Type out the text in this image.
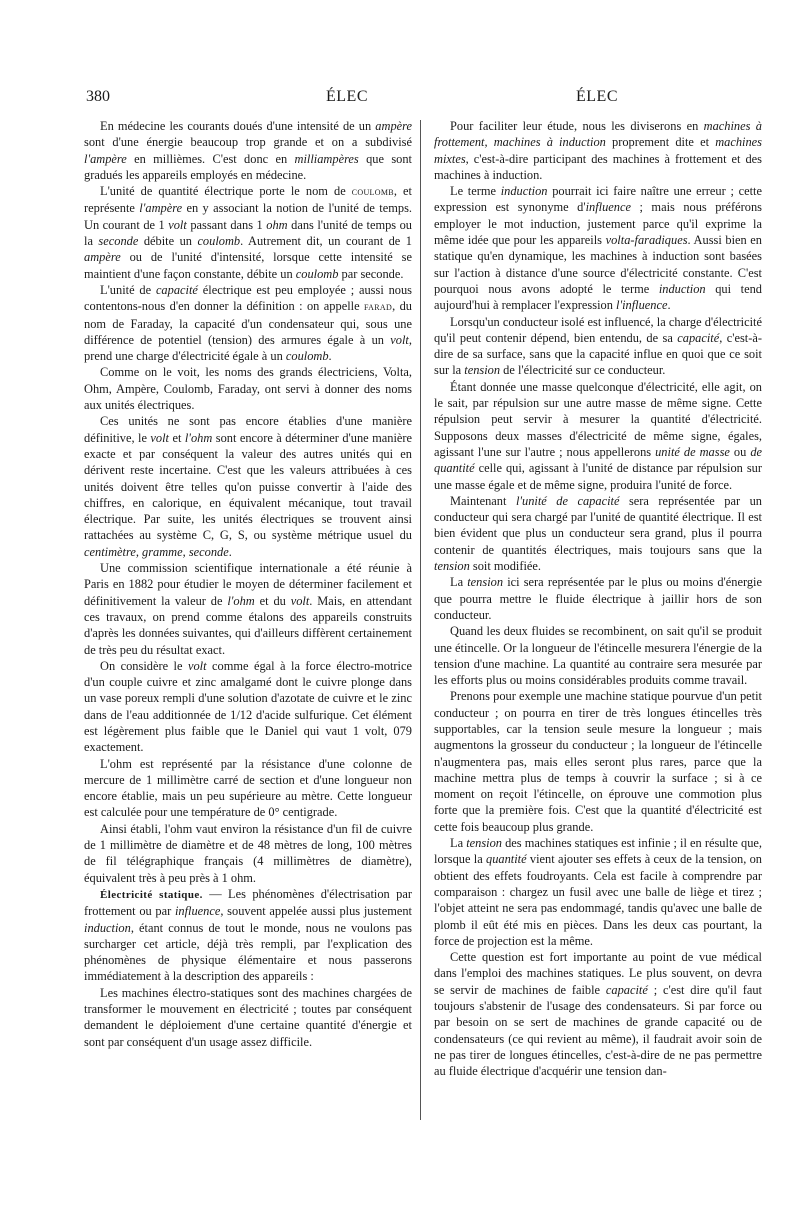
380	ÉLEC	ÉLEC

En médecine les courants doués d'une intensité de un ampère sont d'une énergie beaucoup trop grande et on a subdivisé l'ampère en millièmes. C'est donc en milliampères que sont gradués les appareils employés en médecine.

L'unité de quantité électrique porte le nom de coulomb, et représente l'ampère en y associant la notion de l'unité de temps. Un courant de 1 volt passant dans 1 ohm dans l'unité de temps ou la seconde débite un coulomb. Autrement dit, un courant de 1 ampère ou de l'unité d'intensité, lorsque cette intensité se maintient d'une façon constante, débite un coulomb par seconde.

L'unité de capacité électrique est peu employée ; aussi nous contentons-nous d'en donner la définition : on appelle farad, du nom de Faraday, la capacité d'un condensateur qui, sous une différence de potentiel (tension) des armures égale à un volt, prend une charge d'électricité égale à un coulomb.

Comme on le voit, les noms des grands électriciens, Volta, Ohm, Ampère, Coulomb, Faraday, ont servi à donner des noms aux unités électriques.

Ces unités ne sont pas encore établies d'une manière définitive, le volt et l'ohm sont encore à déterminer d'une manière exacte et par conséquent la valeur des autres unités qui en dérivent reste incertaine. C'est que les valeurs attribuées à ces unités doivent être telles qu'on puisse convertir à l'aide des chiffres, en calorique, en équivalent mécanique, tout travail électrique. Par suite, les unités électriques se trouvent ainsi rattachées au système C, G, S, ou système métrique usuel du centimètre, gramme, seconde.

Une commission scientifique internationale a été réunie à Paris en 1882 pour étudier le moyen de déterminer facilement et définitivement la valeur de l'ohm et du volt. Mais, en attendant ces travaux, on prend comme étalons des appareils construits d'après les données suivantes, qui d'ailleurs diffèrent certainement de très peu du résultat exact.

On considère le volt comme égal à la force électro-motrice d'un couple cuivre et zinc amalgamé dont le cuivre plonge dans un vase poreux rempli d'une solution d'azotate de cuivre et le zinc dans de l'eau additionnée de 1/12 d'acide sulfurique. Cet élément est légèrement plus faible que le Daniel qui vaut 1 volt, 079 exactement.

L'ohm est représenté par la résistance d'une colonne de mercure de 1 millimètre carré de section et d'une longueur non encore établie, mais un peu supérieure au mètre. Cette longueur est calculée pour une température de 0° centigrade.

Ainsi établi, l'ohm vaut environ la résistance d'un fil de cuivre de 1 millimètre de diamètre et de 48 mètres de long, 100 mètres de fil télégraphique français (4 millimètres de diamètre), équivalent très à peu près à 1 ohm.

Électricité statique. — Les phénomènes d'électrisation par frottement ou par influence, souvent appelée aussi plus justement induction, étant connus de tout le monde, nous ne voulons pas surcharger cet article, déjà très rempli, par l'explication des phénomènes de physique élémentaire et nous passerons immédiatement à la description des appareils :

Les machines électro-statiques sont des machines chargées de transformer le mouvement en électricité ; toutes par conséquent demandent le déploiement d'une certaine quantité d'énergie et sont par conséquent d'un usage assez difficile.

Pour faciliter leur étude, nous les diviserons en machines à frottement, machines à induction proprement dite et machines mixtes, c'est-à-dire participant des machines à frottement et des machines à induction.

Le terme induction pourrait ici faire naître une erreur ; cette expression est synonyme d'influence ; mais nous préférons employer le mot induction, justement parce qu'il exprime la même idée que pour les appareils volta-faradiques. Aussi bien en statique qu'en dynamique, les machines à induction sont basées sur l'action à distance d'une source d'électricité constante. C'est pourquoi nous avons adopté le terme induction qui tend aujourd'hui à remplacer l'expression l'influence.

Lorsqu'un conducteur isolé est influencé, la charge d'électricité qu'il peut contenir dépend, bien entendu, de sa capacité, c'est-à-dire de sa surface, sans que la capacité influe en quoi que ce soit sur la tension de l'électricité sur ce conducteur.

Étant donnée une masse quelconque d'électricité, elle agit, on le sait, par répulsion sur une autre masse de même signe. Cette répulsion peut servir à mesurer la quantité d'électricité. Supposons deux masses d'électricité de même signe, égales, agissant l'une sur l'autre ; nous appellerons unité de masse ou de quantité celle qui, agissant à l'unité de distance par répulsion sur une masse égale et de même signe, produira l'unité de force.

Maintenant l'unité de capacité sera représentée par un conducteur qui sera chargé par l'unité de quantité électrique. Il est bien évident que plus un conducteur sera grand, plus il pourra contenir de quantités électriques, mais toujours sans que la tension soit modifiée.

La tension ici sera représentée par le plus ou moins d'énergie que pourra mettre le fluide électrique à jaillir hors de son conducteur.

Quand les deux fluides se recombinent, on sait qu'il se produit une étincelle. Or la longueur de l'étincelle mesurera l'énergie de la tension d'une machine. La quantité au contraire sera mesurée par les efforts plus ou moins considérables produits comme travail.

Prenons pour exemple une machine statique pourvue d'un petit conducteur ; on pourra en tirer de très longues étincelles très supportables, car la tension seule mesure la longueur ; mais augmentons la grosseur du conducteur ; la longueur de l'étincelle n'augmentera pas, mais elles seront plus rares, parce que la machine mettra plus de temps à couvrir la surface ; si à ce moment on reçoit l'étincelle, on éprouve une commotion plus forte que la première fois. C'est que la quantité d'électricité est cette fois beaucoup plus grande.

La tension des machines statiques est infinie ; il en résulte que, lorsque la quantité vient ajouter ses effets à ceux de la tension, on obtient des effets foudroyants. Cela est facile à comprendre par comparaison : chargez un fusil avec une balle de liège et tirez ; l'objet atteint ne sera pas endommagé, tandis qu'avec une balle de plomb il eût été mis en pièces. Dans les deux cas pourtant, la force de projection est la même.

Cette question est fort importante au point de vue médical dans l'emploi des machines statiques. Le plus souvent, on devra se servir de machines de faible capacité ; c'est dire qu'il faut toujours s'abstenir de l'usage des condensateurs. Si par force ou par besoin on se sert de machines de grande capacité ou de condensateurs (ce qui revient au même), il faudrait avoir soin de ne pas tirer de longues étincelles, c'est-à-dire de ne pas permettre au fluide électrique d'acquérir une tension dan-
